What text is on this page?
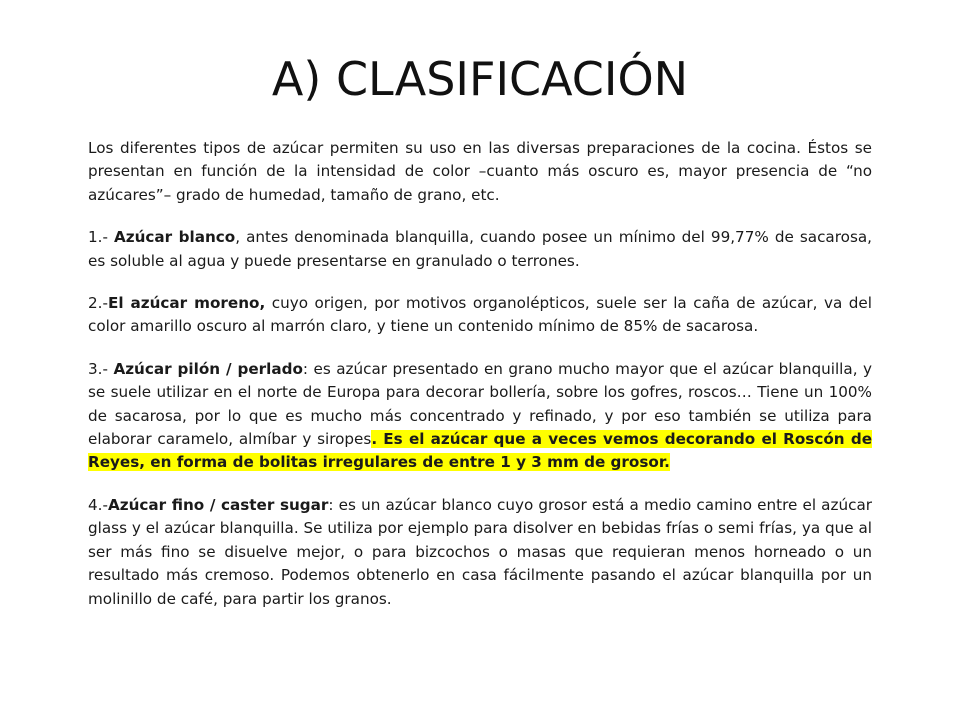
A) CLASIFICACIÓN

Los diferentes tipos de azúcar permiten su uso en las diversas preparaciones de la cocina. Éstos se presentan en función de la intensidad de color –cuanto más oscuro es, mayor presencia de “no azúcares”– grado de humedad, tamaño de grano, etc.

1.- Azúcar blanco, antes denominada blanquilla, cuando posee un mínimo del 99,77% de sacarosa, es soluble al agua y puede presentarse en granulado o terrones.

2.-El azúcar moreno, cuyo origen, por motivos organolépticos, suele ser la caña de azúcar, va del color amarillo oscuro al marrón claro, y tiene un contenido mínimo de 85% de sacarosa.

3.- Azúcar pilón / perlado: es azúcar presentado en grano mucho mayor que el azúcar blanquilla, y se suele utilizar en el norte de Europa para decorar bollería, sobre los gofres, roscos… Tiene un 100% de sacarosa, por lo que es mucho más concentrado y refinado, y por eso también se utiliza para elaborar caramelo, almíbar y siropes. Es el azúcar que a veces vemos decorando el Roscón de Reyes, en forma de bolitas irregulares de entre 1 y 3 mm de grosor.

4.-Azúcar fino / caster sugar: es un azúcar blanco cuyo grosor está a medio camino entre el azúcar glass y el azúcar blanquilla. Se utiliza por ejemplo para disolver en bebidas frías o semi frías, ya que al ser más fino se disuelve mejor, o para bizcochos o masas que requieran menos horneado o un resultado más cremoso. Podemos obtenerlo en casa fácilmente pasando el azúcar blanquilla por un molinillo de café, para partir los granos.
